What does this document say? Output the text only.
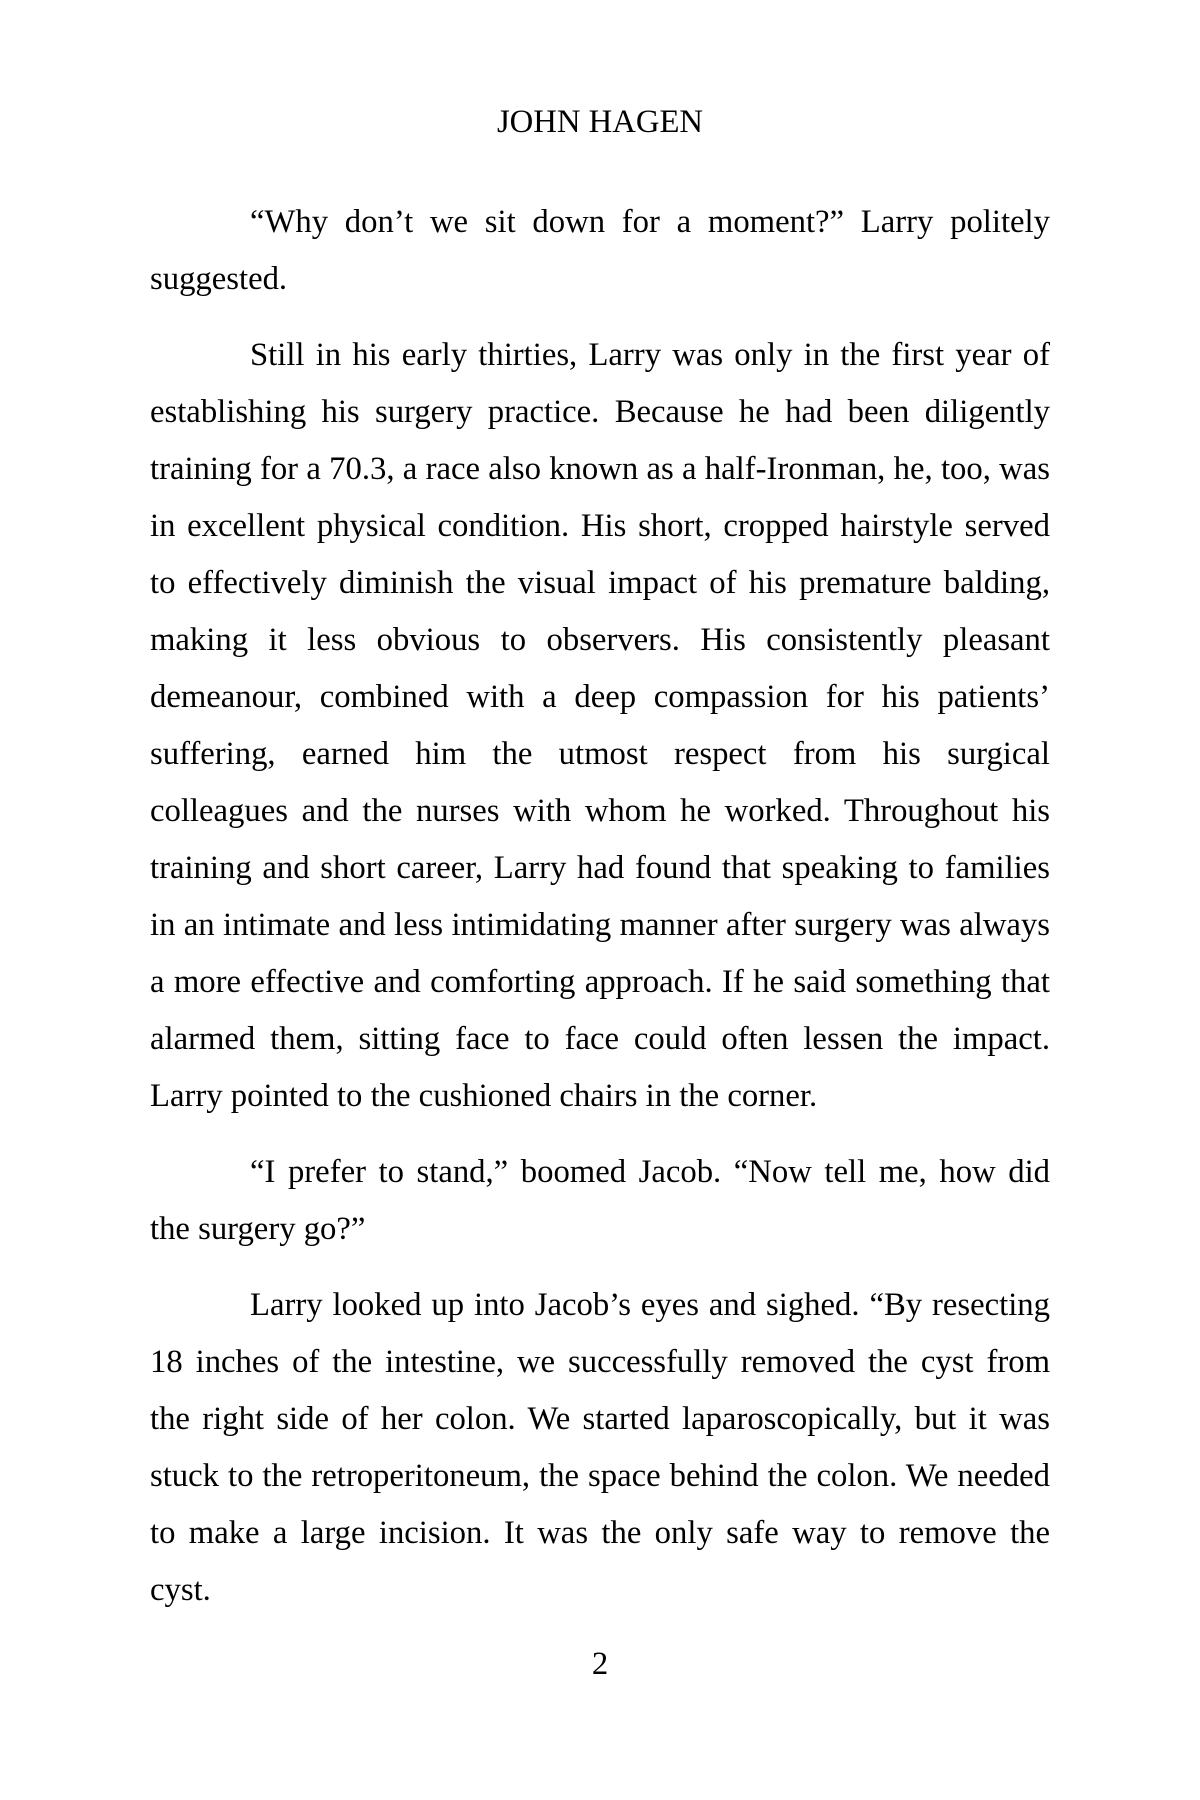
JOHN HAGEN

“Why don’t we sit down for a moment?” Larry politely suggested.

Still in his early thirties, Larry was only in the first year of establishing his surgery practice. Because he had been diligently training for a 70.3, a race also known as a half-Ironman, he, too, was in excellent physical condition. His short, cropped hairstyle served to effectively diminish the visual impact of his premature balding, making it less obvious to observers. His consistently pleasant demeanour, combined with a deep compassion for his patients’ suffering, earned him the utmost respect from his surgical colleagues and the nurses with whom he worked. Throughout his training and short career, Larry had found that speaking to families in an intimate and less intimidating manner after surgery was always a more effective and comforting approach. If he said something that alarmed them, sitting face to face could often lessen the impact. Larry pointed to the cushioned chairs in the corner.

“I prefer to stand,” boomed Jacob. “Now tell me, how did the surgery go?”

Larry looked up into Jacob’s eyes and sighed. “By resecting 18 inches of the intestine, we successfully removed the cyst from the right side of her colon. We started laparoscopically, but it was stuck to the retroperitoneum, the space behind the colon. We needed to make a large incision. It was the only safe way to remove the cyst.

2
